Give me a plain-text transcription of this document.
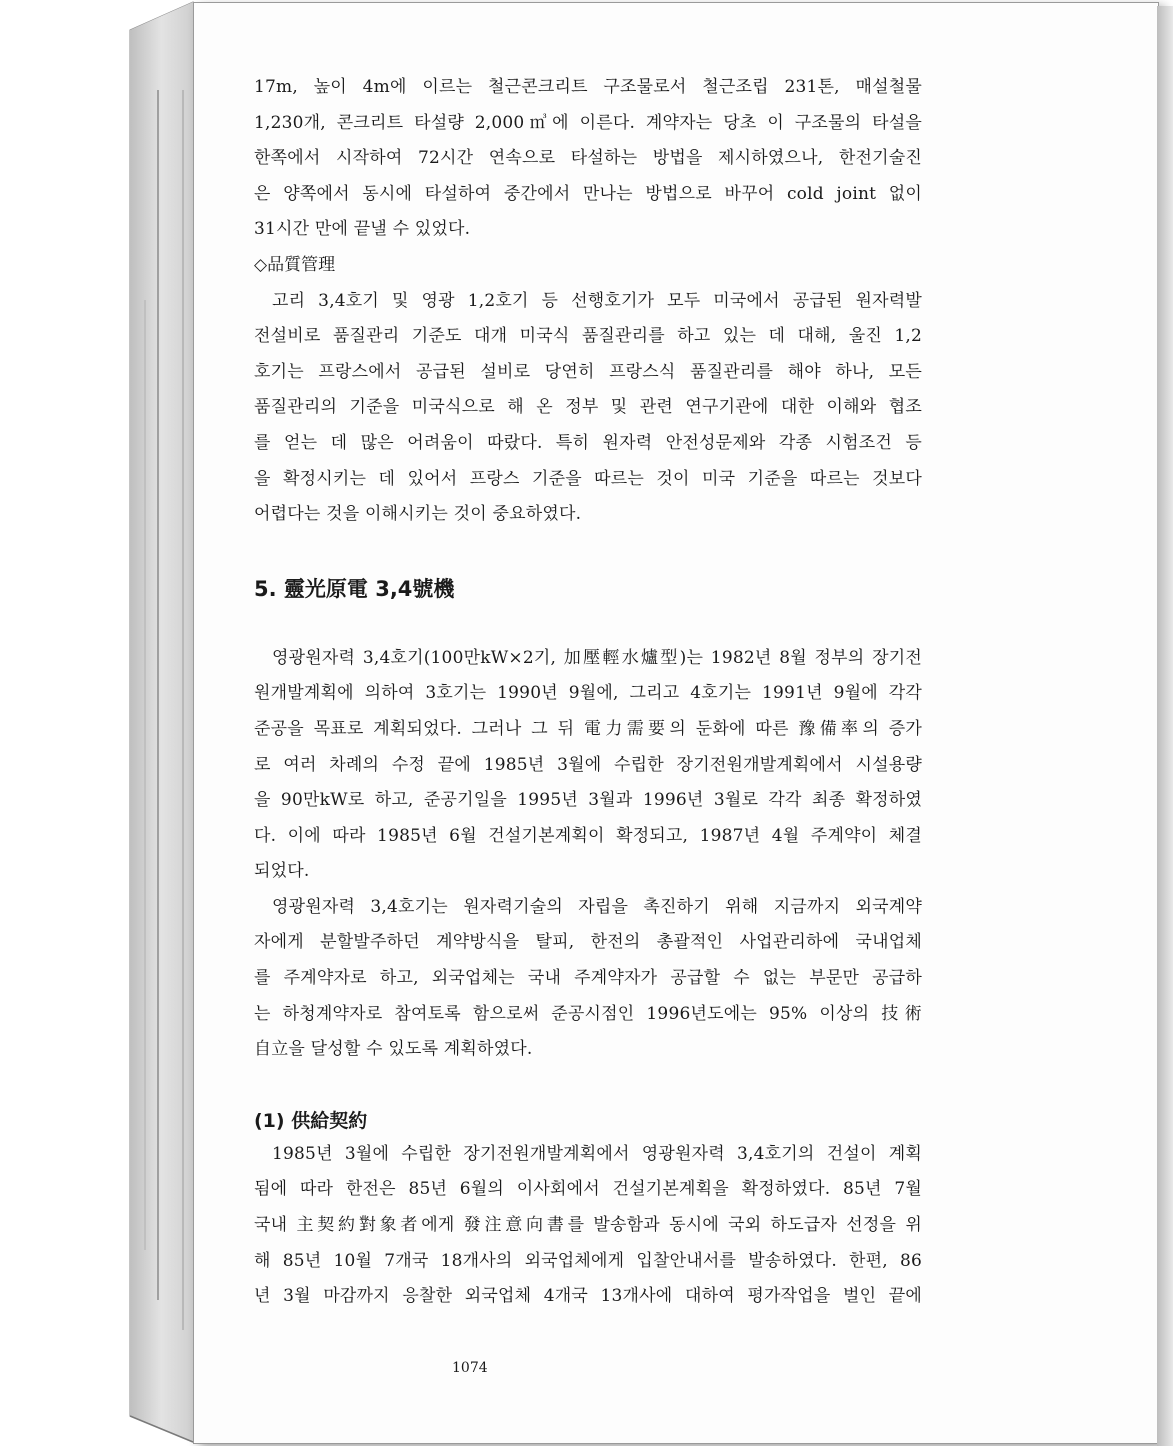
17m, 높이 4m에 이르는 철근콘크리트 구조물로서 철근조립 231톤, 매설철물
1,230개, 콘크리트 타설량 2,000㎥에 이른다. 계약자는 당초 이 구조물의 타설을
한쪽에서 시작하여 72시간 연속으로 타설하는 방법을 제시하였으나, 한전기술진
은 양쪽에서 동시에 타설하여 중간에서 만나는 방법으로 바꾸어 cold joint 없이
31시간 만에 끝낼 수 있었다.
◇品質管理
고리 3,4호기 및 영광 1,2호기 등 선행호기가 모두 미국에서 공급된 원자력발
전설비로 품질관리 기준도 대개 미국식 품질관리를 하고 있는 데 대해, 울진 1,2
호기는 프랑스에서 공급된 설비로 당연히 프랑스식 품질관리를 해야 하나, 모든
품질관리의 기준을 미국식으로 해 온 정부 및 관련 연구기관에 대한 이해와 협조
를 얻는 데 많은 어려움이 따랐다. 특히 원자력 안전성문제와 각종 시험조건 등
을 확정시키는 데 있어서 프랑스 기준을 따르는 것이 미국 기준을 따르는 것보다
어렵다는 것을 이해시키는 것이 중요하였다.
5. 靈光原電 3,4號機
영광원자력 3,4호기(100만kW×2기, 加壓輕水爐型)는 1982년 8월 정부의 장기전
원개발계획에 의하여 3호기는 1990년 9월에, 그리고 4호기는 1991년 9월에 각각
준공을 목표로 계획되었다. 그러나 그 뒤 電力需要의 둔화에 따른 豫備率의 증가
로 여러 차례의 수정 끝에 1985년 3월에 수립한 장기전원개발계획에서 시설용량
을 90만kW로 하고, 준공기일을 1995년 3월과 1996년 3월로 각각 최종 확정하였
다. 이에 따라 1985년 6월 건설기본계획이 확정되고, 1987년 4월 주계약이 체결
되었다.
영광원자력 3,4호기는 원자력기술의 자립을 촉진하기 위해 지금까지 외국계약
자에게 분할발주하던 계약방식을 탈피, 한전의 총괄적인 사업관리하에 국내업체
를 주계약자로 하고, 외국업체는 국내 주계약자가 공급할 수 없는 부문만 공급하
는 하청계약자로 참여토록 함으로써 준공시점인 1996년도에는 95% 이상의 技術
自立을 달성할 수 있도록 계획하였다.
(1) 供給契約
1985년 3월에 수립한 장기전원개발계획에서 영광원자력 3,4호기의 건설이 계획
됨에 따라 한전은 85년 6월의 이사회에서 건설기본계획을 확정하였다. 85년 7월
국내 主契約對象者에게 發注意向書를 발송함과 동시에 국외 하도급자 선정을 위
해 85년 10월 7개국 18개사의 외국업체에게 입찰안내서를 발송하였다. 한편, 86
년 3월 마감까지 응찰한 외국업체 4개국 13개사에 대하여 평가작업을 벌인 끝에
1074
